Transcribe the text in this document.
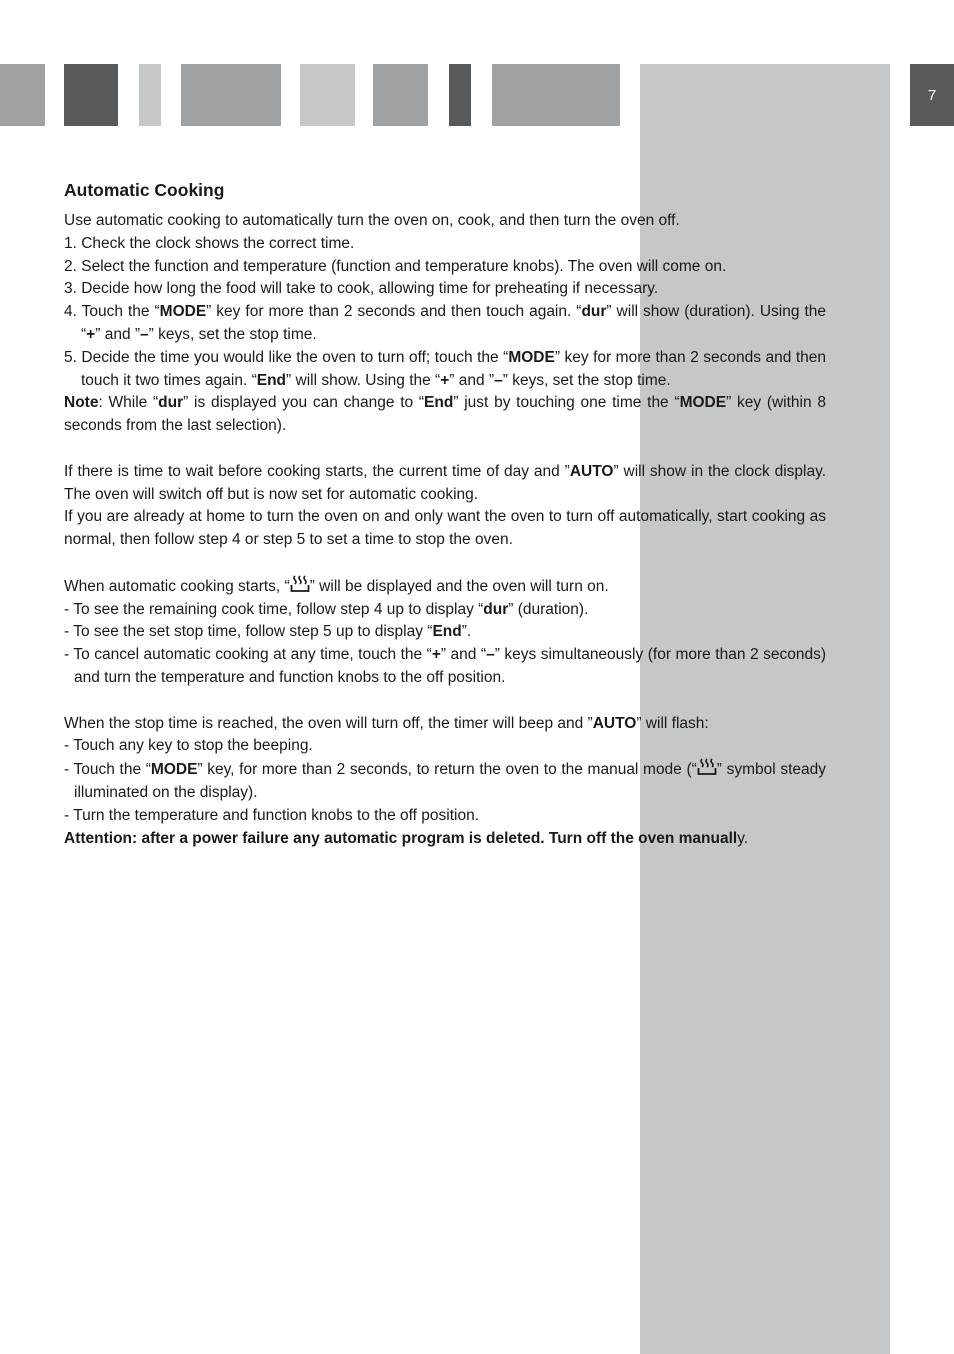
7
Automatic Cooking

Use automatic cooking to automatically turn the oven on, cook, and then turn the oven off.

1. Check the clock shows the correct time.

2. Select the function and temperature (function and temperature knobs). The oven will come on.

3. Decide how long the food will take to cook, allowing time for preheating if necessary.

4. Touch the “MODE” key for more than 2 seconds and then touch again. “dur” will show (duration). Using the “+” and ”–” keys, set the stop time.

5. Decide the time you would like the oven to turn off; touch the “MODE” key for more than 2 seconds and then touch it two times again. “End” will show. Using the “+” and ”–” keys, set the stop time.

Note: While “dur” is displayed you can change to “End” just by touching one time the “MODE” key (within 8 seconds from the last selection).

If there is time to wait before cooking starts, the current time of day and ”AUTO” will show in the clock display. The oven will switch off but is now set for automatic cooking.

If you are already at home to turn the oven on and only want the oven to turn off automatically, start cooking as normal, then follow step 4 or step 5 to set a time to stop the oven.

When automatic cooking starts, “ ” will be displayed and the oven will turn on.

- To see the remaining cook time, follow step 4 up to display “dur” (duration).

- To see the set stop time, follow step 5 up to display “End”.

- To cancel automatic cooking at any time, touch the “+” and “–” keys simultaneously (for more than 2 seconds) and turn the temperature and function knobs to the off position.

When the stop time is reached, the oven will turn off, the timer will beep and ”AUTO” will flash:

- Touch any key to stop the beeping.

- Touch the “MODE” key, for more than 2 seconds, to return the oven to the manual mode (“ ” symbol steady illuminated on the display).

- Turn the temperature and function knobs to the off position.

Attention: after a power failure any automatic program is deleted. Turn off the oven manually.
